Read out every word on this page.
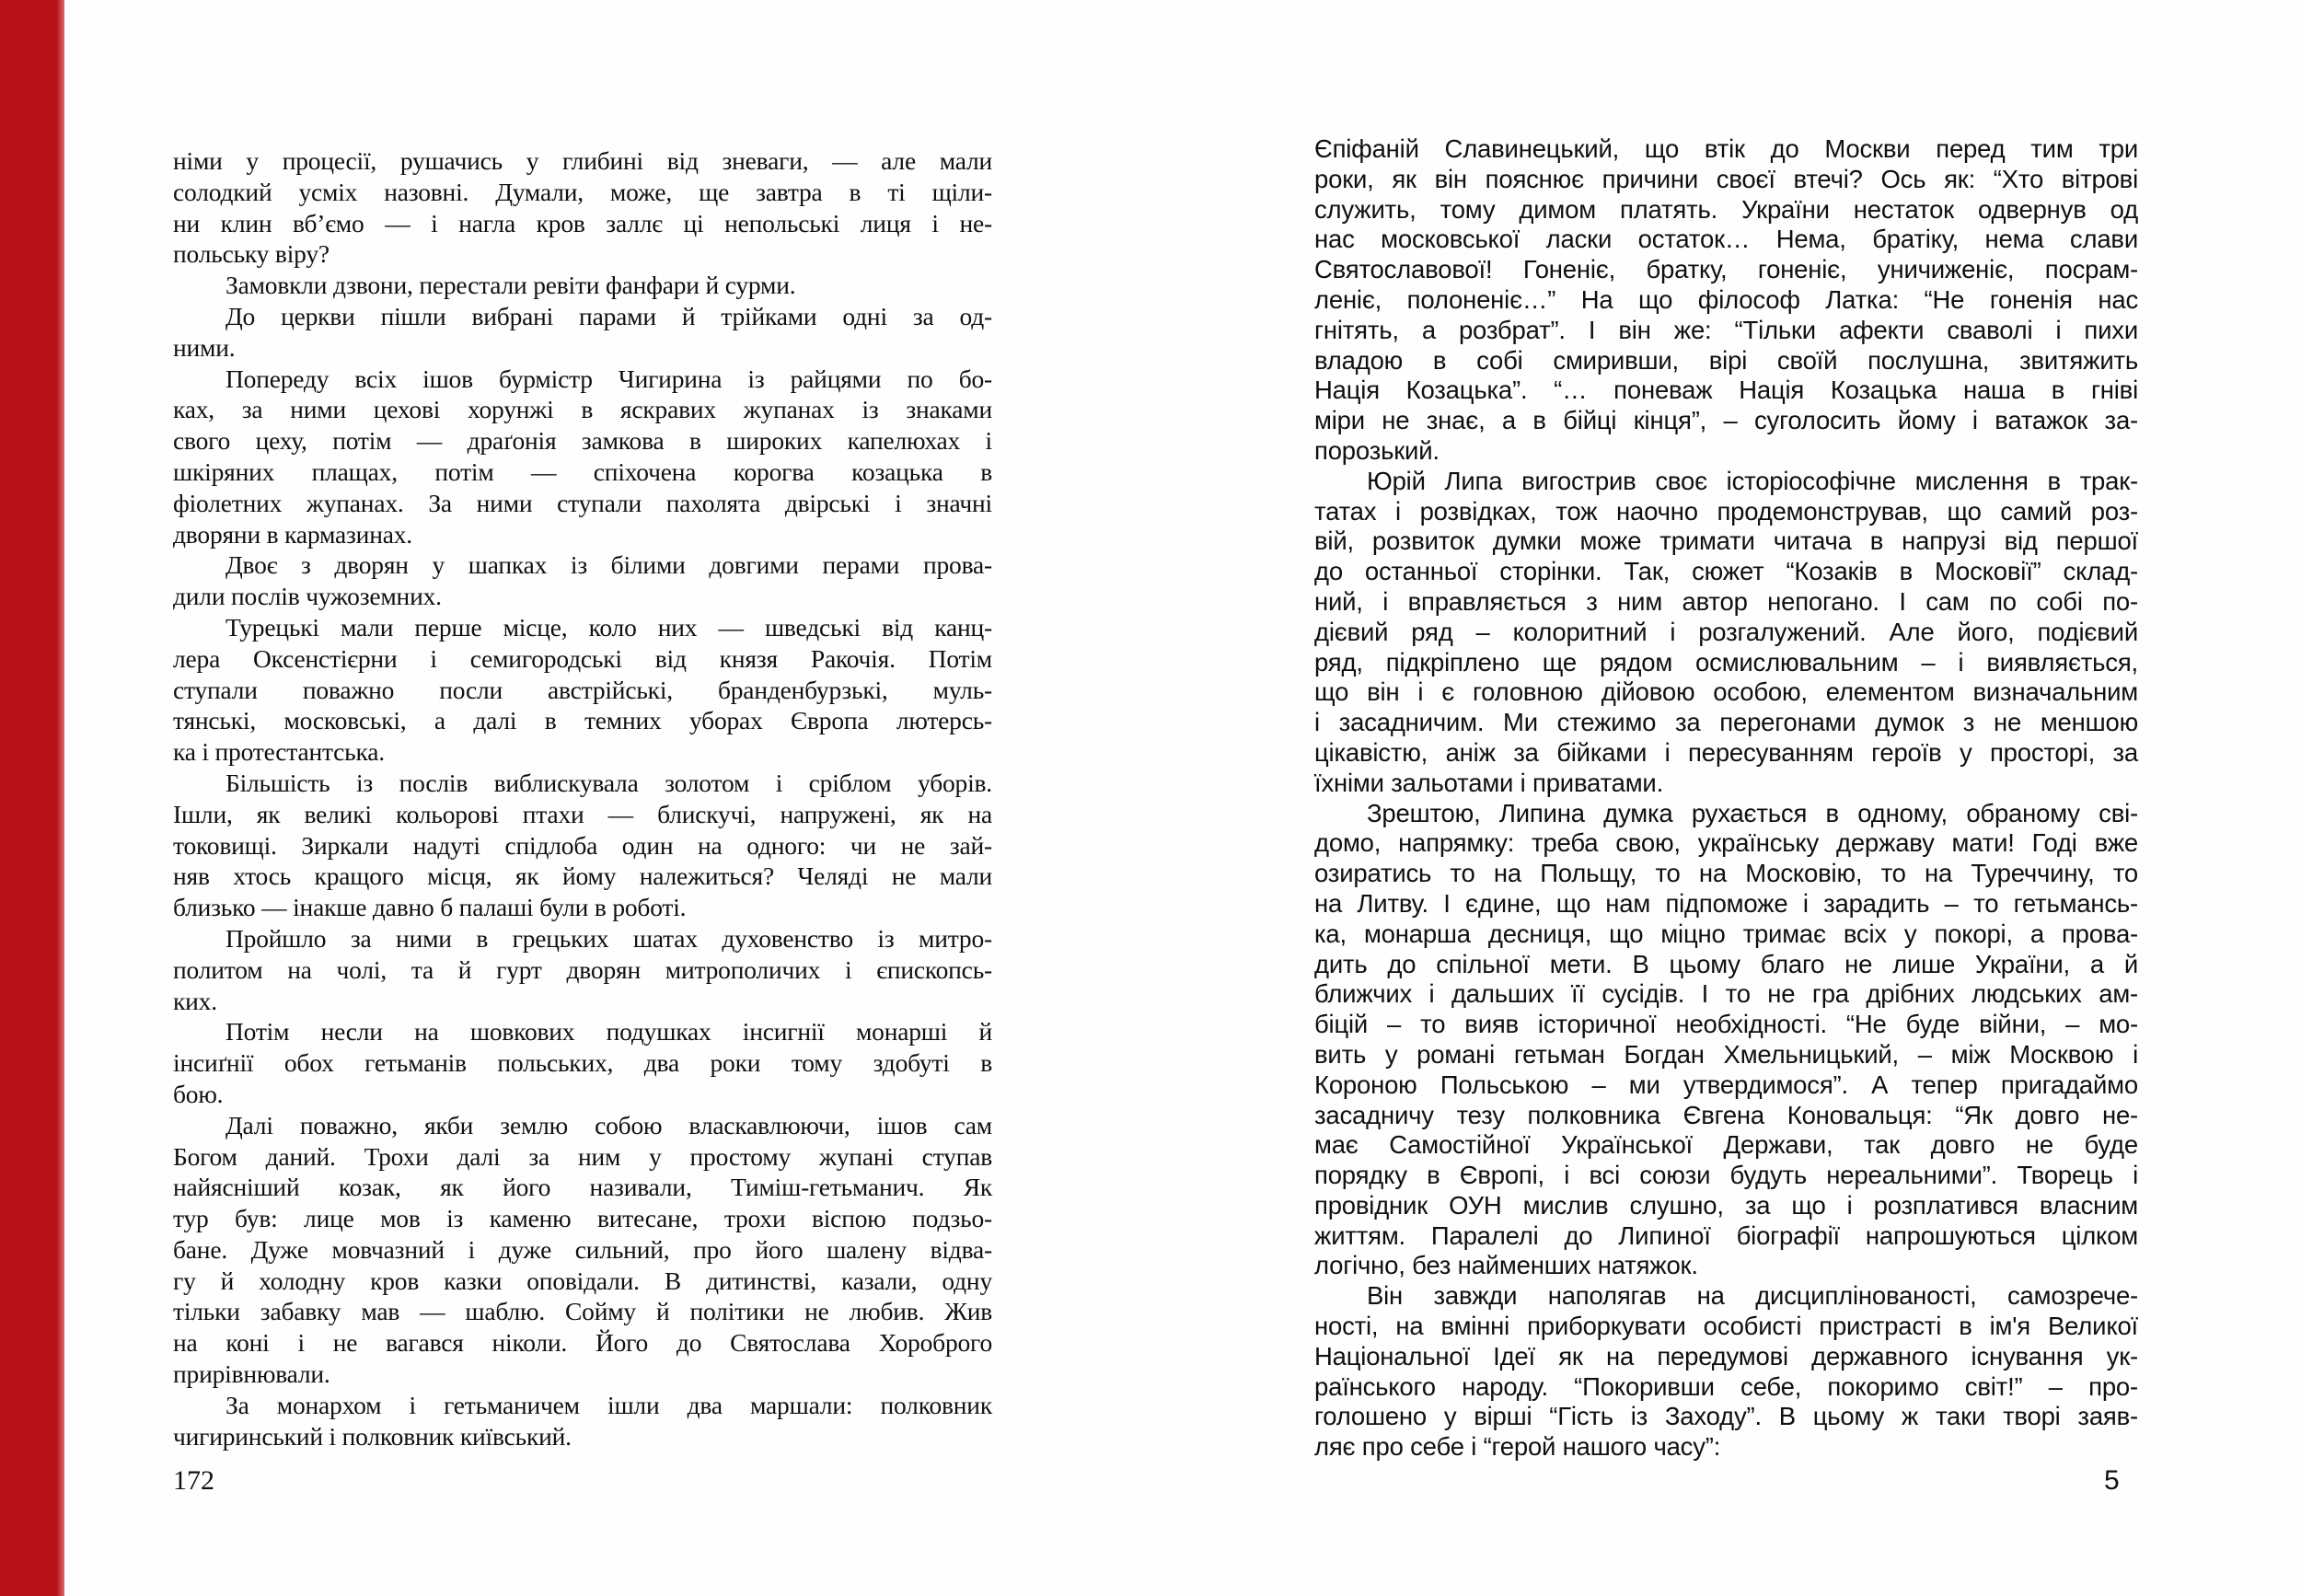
німи у процесії, рушачись у глибині від зневаги, — але мали
солодкий усміх назовні. Думали, може, ще завтра в ті щіли-
ни клин вб’ємо — і нагла кров заллє ці непольські лиця і не-
польську віру?
Замовкли дзвони, перестали ревіти фанфари й сурми.
До церкви пішли вибрані парами й трійками одні за од-
ними.
Попереду всіх ішов бурмістр Чигирина із райцями по бо-
ках, за ними цехові хорунжі в яскравих жупанах із знаками
свого цеху, потім — драґонія замкова в широких капелюхах і
шкіряних плащах, потім — спіхочена корогва козацька в
фіолетних жупанах. За ними ступали пахолята двірські і значні
дворяни в кармазинах.
Двоє з дворян у шапках із білими довгими перами прова-
дили послів чужоземних.
Турецькі мали перше місце, коло них — шведські від канц-
лера Оксенстієрни і семигородські від князя Ракочія. Потім
ступали поважно посли австрійські, бранденбурзькі, муль-
тянські, московські, а далі в темних уборах Європа лютерсь-
ка і протестантська.
Більшість із послів виблискувала золотом і сріблом уборів.
Ішли, як великі кольорові птахи — блискучі, напружені, як на
токовищі. Зиркали надуті спідлоба один на одного: чи не зай-
няв хтось кращого місця, як йому належиться? Челяді не мали
близько — інакше давно б палаші були в роботі.
Пройшло за ними в грецьких шатах духовенство із митро-
политом на чолі, та й гурт дворян митрополичих і єпископсь-
ких.
Потім несли на шовкових подушках інсигнії монарші й
інсиґнії обох гетьманів польських, два роки тому здобуті в
бою.
Далі поважно, якби землю собою власкавлюючи, ішов сам
Богом даний. Трохи далі за ним у простому жупані ступав
найясніший козак, як його називали, Тиміш-гетьманич. Як
тур був: лице мов із каменю витесане, трохи віспою подзьо-
бане. Дуже мовчазний і дуже сильний, про його шалену відва-
гу й холодну кров казки оповідали. В дитинстві, казали, одну
тільки забавку мав — шаблю. Сойму й політики не любив. Жив
на коні і не вагався ніколи. Його до Святослава Хороброго
прирівнювали.
За монархом і гетьманичем ішли два маршали: полковник
чигиринський і полковник київський.
Єпіфаній Славинецький, що втік до Москви перед тим три
роки, як він пояснює причини своєї втечі? Ось як: “Хто вітрові
служить, тому димом платять. України нестаток одвернув од
нас московської ласки остаток… Нема, братіку, нема слави
Святославової! Гоненіє, братку, гоненіє, уничиженіє, посрам-
леніє, полоненіє…” На що філософ Латка: “Не гоненія нас
гнітять, а розбрат”. І він же: “Тільки афекти сваволі і пихи
владою в собі смиривши, вірі своїй послушна, звитяжить
Нація Козацька”. “… поневаж Нація Козацька наша в гніві
міри не знає, а в бійці кінця”, – суголосить йому і ватажок за-
порозький.
Юрій Липа вигострив своє історіософічне мислення в трак-
татах і розвідках, тож наочно продемонстрував, що самий роз-
вій, розвиток думки може тримати читача в напрузі від першої
до останньої сторінки. Так, сюжет “Козаків в Московії” склад-
ний, і вправляється з ним автор непогано. І сам по собі по-
дієвий ряд – колоритний і розгалужений. Але його, подієвий
ряд, підкріплено ще рядом осмислювальним – і виявляється,
що він і є головною дійовою особою, елементом визначальним
і засадничим. Ми стежимо за перегонами думок з не меншою
цікавістю, аніж за бійками і пересуванням героїв у просторі, за
їхніми зальотами і приватами.
Зрештою, Липина думка рухається в одному, обраному сві-
домо, напрямку: треба свою, українську державу мати! Годі вже
озиратись то на Польщу, то на Московію, то на Туреччину, то
на Литву. І єдине, що нам підпоможе і зарадить – то гетьмансь-
ка, монарша десниця, що міцно тримає всіх у покорі, а прова-
дить до спільної мети. В цьому благо не лише України, а й
ближчих і дальших її сусідів. І то не гра дрібних людських ам-
біцій – то вияв історичної необхідності. “Не буде війни, – мо-
вить у романі гетьман Богдан Хмельницький, – між Москвою і
Короною Польською – ми утвердимося”. А тепер пригадаймо
засадничу тезу полковника Євгена Коновальця: “Як довго не-
має Самостійної Української Держави, так довго не буде
порядку в Європі, і всі союзи будуть нереальними”. Творець і
провідник ОУН мислив слушно, за що і розплатився власним
життям. Паралелі до Липиної біографії напрошуються цілком
логічно, без найменших натяжок.
Він завжди наполягав на дисциплінованості, самозрече-
ності, на вмінні приборкувати особисті пристрасті в ім'я Великої
Національної Ідеї як на передумові державного існування ук-
раїнського народу. “Покоривши себе, покоримо світ!” – про-
голошено у вірші “Гість із Заходу”. В цьому ж таки творі заяв-
ляє про себе і “герой нашого часу”:
172	5
